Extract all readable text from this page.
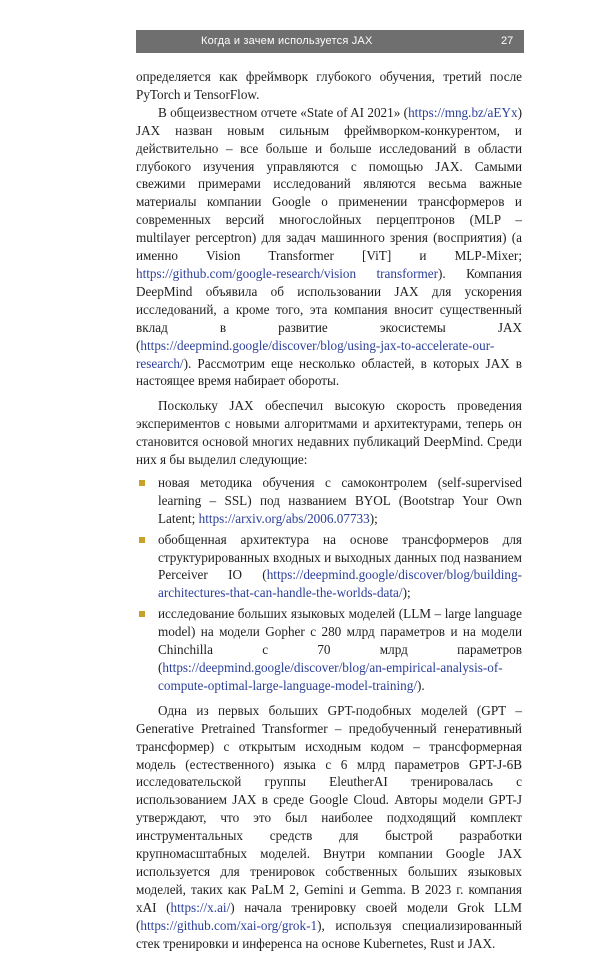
Когда и зачем используется JAX	27

определяется как фреймворк глубокого обучения, третий после PyTorch и TensorFlow.

В общеизвестном отчете «State of AI 2021» (https://mng.bz/aEYx) JAX назван новым сильным фреймворком-конкурентом, и действительно – все больше и больше исследований в области глубокого изучения управляются с помощью JAX. Самыми свежими примерами исследований являются весьма важные материалы компании Google о применении трансформеров и современных версий многослойных перцептронов (MLP – multilayer perceptron) для задач машинного зрения (восприятия) (а именно Vision Transformer [ViT] и MLP-Mixer; https://github.com/google-research/vision transformer). Компания DeepMind объявила об использовании JAX для ускорения исследований, а кроме того, эта компания вносит существенный вклад в развитие экосистемы JAX (https://deepmind.google/discover/blog/using-jax-to-accelerate-our-research/). Рассмотрим еще несколько областей, в которых JAX в настоящее время набирает обороты.

Поскольку JAX обеспечил высокую скорость проведения экспериментов с новыми алгоритмами и архитектурами, теперь он становится основой многих недавних публикаций DeepMind. Среди них я бы выделил следующие:

новая методика обучения с самоконтролем (self-supervised learning – SSL) под названием BYOL (Bootstrap Your Own Latent; https://arxiv.org/abs/2006.07733);
обобщенная архитектура на основе трансформеров для структурированных входных и выходных данных под названием Perceiver IO (https://deepmind.google/discover/blog/building-architectures-that-can-handle-the-worlds-data/);
исследование больших языковых моделей (LLM – large language model) на модели Gopher с 280 млрд параметров и на модели Chinchilla с 70 млрд параметров (https://deepmind.google/discover/blog/an-empirical-analysis-of-compute-optimal-large-language-model-training/).

Одна из первых больших GPT-подобных моделей (GPT – Generative Pretrained Transformer – предобученный генеративный трансформер) с открытым исходным кодом – трансформерная модель (естественного) языка с 6 млрд параметров GPT-J-6B исследовательской группы EleutherAI тренировалась с использованием JAX в среде Google Cloud. Авторы модели GPT-J утверждают, что это был наиболее подходящий комплект инструментальных средств для быстрой разработки крупномасштабных моделей. Внутри компании Google JAX используется для тренировок собственных больших языковых моделей, таких как PaLM 2, Gemini и Gemma. В 2023 г. компания xAI (https://x.ai/) начала тренировку своей модели Grok LLM (https://github.com/xai-org/grok-1), используя специализированный стек тренировки и инференса на основе Kubernetes, Rust и JAX.
